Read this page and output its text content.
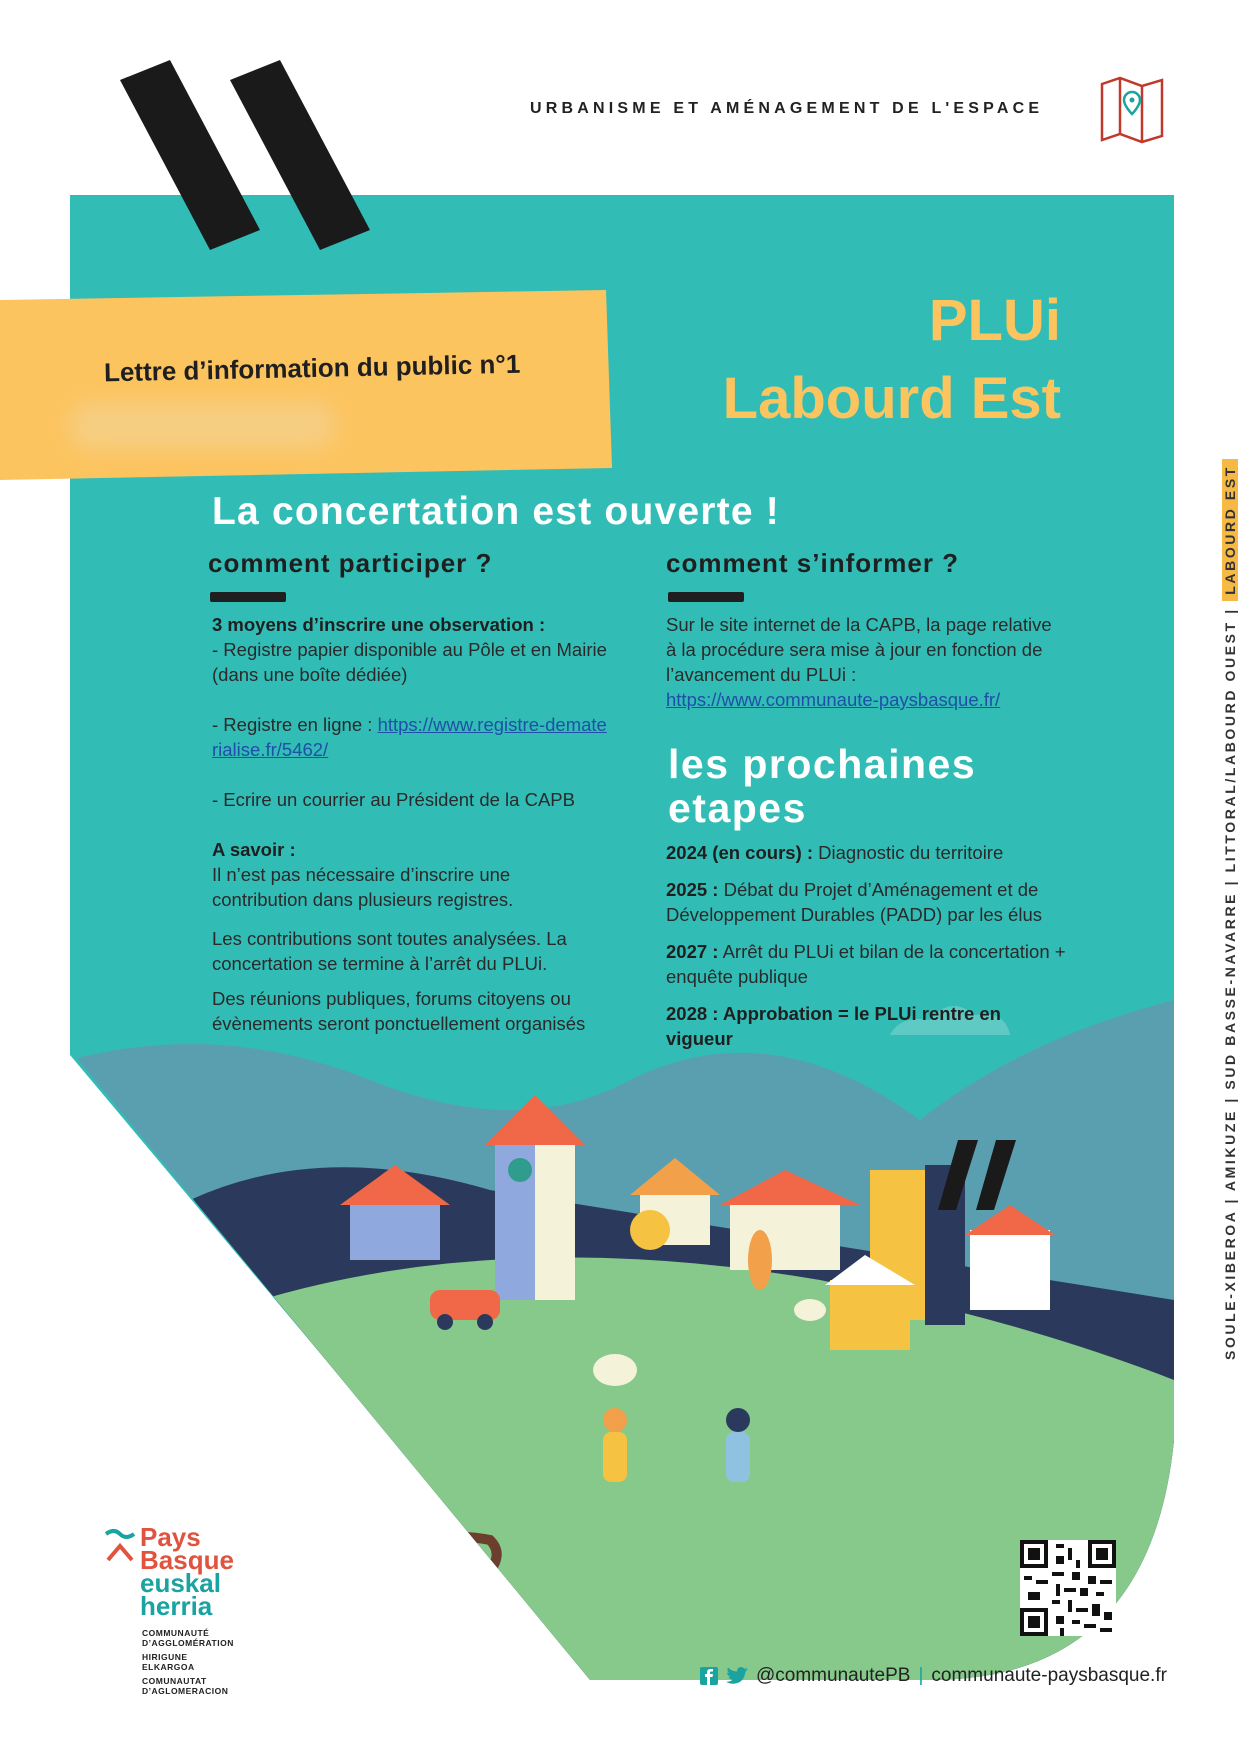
URBANISME ET AMÉNAGEMENT DE L'ESPACE
Lettre d’information du public n°1
PLUi
Labourd Est
La concertation est ouverte !
comment participer ?

3 moyens d’inscrire une observation :

- Registre papier disponible au Pôle et en Mairie (dans une boîte dédiée)

- Registre en ligne : https://www.registre-dematerialise.fr/5462/

- Ecrire un courrier au Président de la CAPB

A savoir :

Il n’est pas nécessaire d’inscrire une contribution dans plusieurs registres.

Les contributions sont toutes analysées. La concertation se termine à l’arrêt du PLUi.

Des réunions publiques, forums citoyens ou évènements seront ponctuellement organisés

comment s’informer ?

Sur le site internet de la CAPB, la page relative à la procédure sera mise à jour en fonction de l’avancement du PLUi :

https://www.communaute-paysbasque.fr/

les prochaines etapes

2024 (en cours) : Diagnostic du territoire

2025 : Débat du Projet d’Aménagement et de Développement Durables (PADD) par les élus

2027 : Arrêt du PLUi et bilan de la concertation + enquête publique

2028 : Approbation = le PLUi rentre en vigueur	SOULE-XIBEROA | AMIKUZE | SUD BASSE-NAVARRE | LITTORAL/LABOURD OUEST | LABOURD EST
Pays
Basque
euskal
herria
COMMUNAUTÉ
D’AGGLOMÉRATION
HIRIGUNE
ELKARGOA
COMUNAUTAT
D’AGLOMERACION
@communautePB | communaute-paysbasque.fr
